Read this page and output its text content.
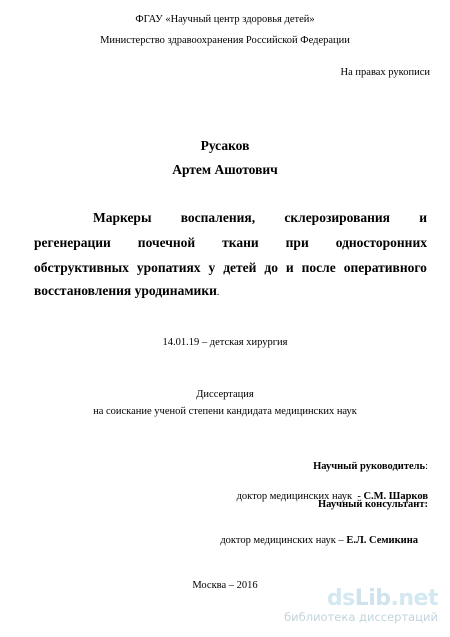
ФГАУ «Научный центр здоровья детей»
Министерство здравоохранения Российской Федерации
На правах рукописи
Русаков
Артем Ашотович
Маркеры воспаления, склерозирования и
регенерации почечной ткани при односторонних
обструктивных уропатиях у детей до и после оперативного
восстановления уродинамики.
14.01.19 – детская хирургия
Диссертация
на соискание ученой степени кандидата медицинских наук
Научный руководитель:

доктор медицинских наук  - С.М. Шарков

Научный консультант:

доктор медицинских наук – Е.Л. Семикина

Москва – 2016
dsLib.net
библиотека диссертаций
